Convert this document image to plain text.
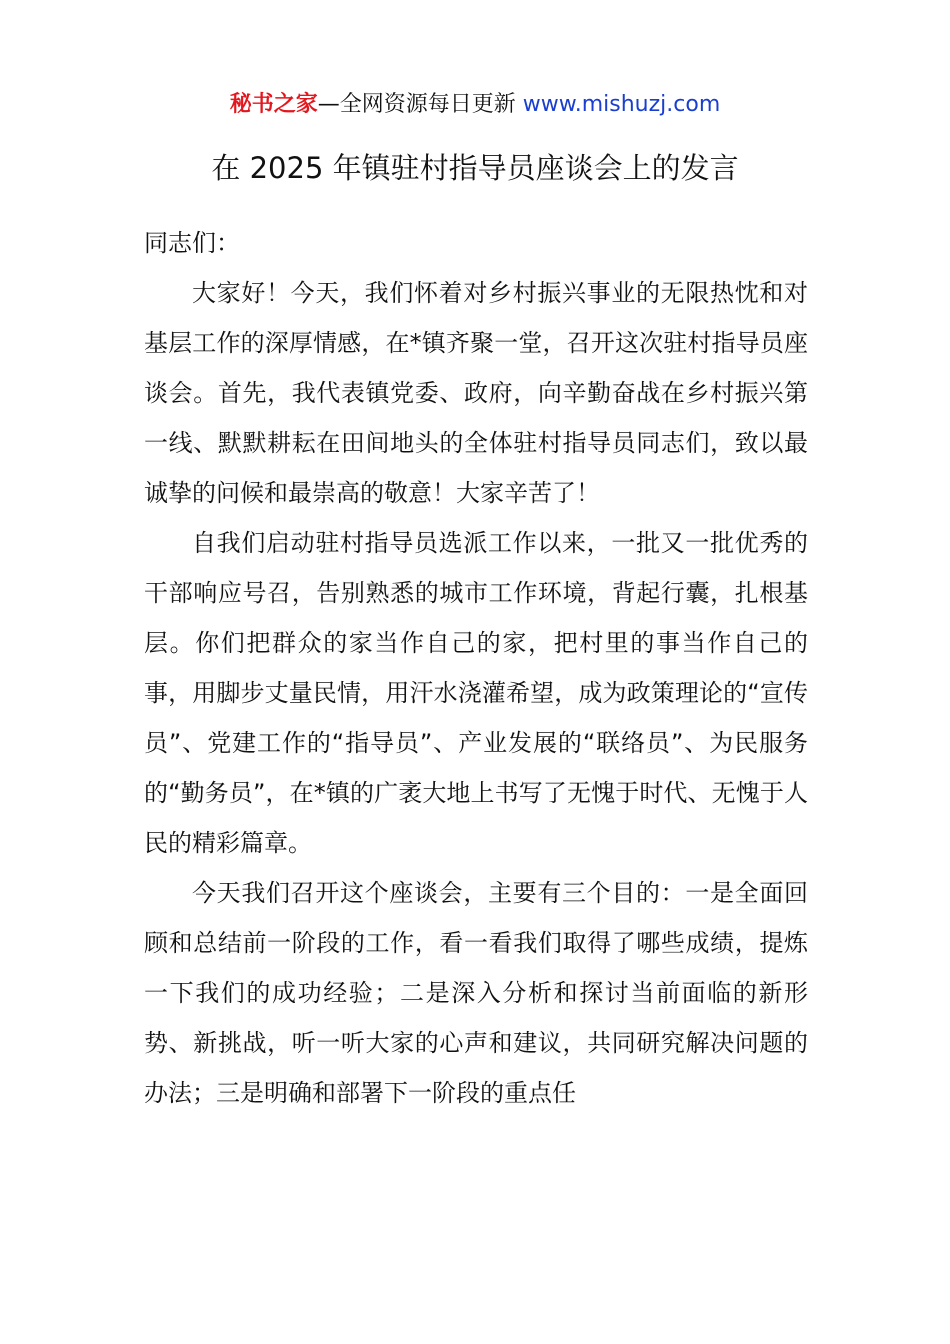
秘书之家—全网资源每日更新 www.mishuzj.com
在 2025 年镇驻村指导员座谈会上的发言

同志们：

大家好！今天，我们怀着对乡村振兴事业的无限热忱和对基层工作的深厚情感，在*镇齐聚一堂，召开这次驻村指导员座谈会。首先，我代表镇党委、政府，向辛勤奋战在乡村振兴第一线、默默耕耘在田间地头的全体驻村指导员同志们，致以最诚挚的问候和最崇高的敬意！大家辛苦了！

自我们启动驻村指导员选派工作以来，一批又一批优秀的干部响应号召，告别熟悉的城市工作环境，背起行囊，扎根基层。你们把群众的家当作自己的家，把村里的事当作自己的事，用脚步丈量民情，用汗水浇灌希望，成为政策理论的“宣传员”、党建工作的“指导员”、产业发展的“联络员”、为民服务的“勤务员”，在*镇的广袤大地上书写了无愧于时代、无愧于人民的精彩篇章。

今天我们召开这个座谈会，主要有三个目的：一是全面回顾和总结前一阶段的工作，看一看我们取得了哪些成绩，提炼一下我们的成功经验；二是深入分析和探讨当前面临的新形势、新挑战，听一听大家的心声和建议，共同研究解决问题的办法；三是明确和部署下一阶段的重点任
